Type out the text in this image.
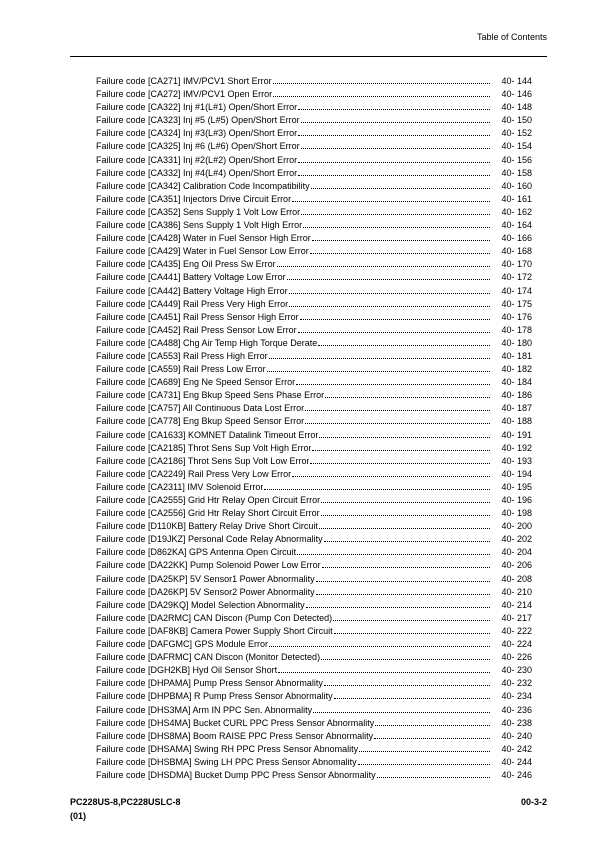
Table of Contents
Failure code [CA271] IMV/PCV1 Short Error	40- 144
Failure code [CA272] IMV/PCV1 Open Error	40- 146
Failure code [CA322] Inj #1(L#1) Open/Short Error	40- 148
Failure code [CA323] Inj #5 (L#5) Open/Short Error	40- 150
Failure code [CA324] Inj #3(L#3) Open/Short Error	40- 152
Failure code [CA325] Inj #6 (L#6) Open/Short Error	40- 154
Failure code [CA331] Inj #2(L#2) Open/Short Error	40- 156
Failure code [CA332] Inj #4(L#4) Open/Short Error	40- 158
Failure code [CA342] Calibration Code Incompatibility	40- 160
Failure code [CA351] Injectors Drive Circuit Error	40- 161
Failure code [CA352] Sens Supply 1 Volt Low Error	40- 162
Failure code [CA386] Sens Supply 1 Volt High Error	40- 164
Failure code [CA428] Water in Fuel Sensor High Error	40- 166
Failure code [CA429] Water in Fuel Sensor Low Error	40- 168
Failure code [CA435] Eng Oil Press Sw Error	40- 170
Failure code [CA441] Battery Voltage Low Error	40- 172
Failure code [CA442] Battery Voltage High Error	40- 174
Failure code [CA449] Rail Press Very High Error	40- 175
Failure code [CA451] Rail Press Sensor High Error	40- 176
Failure code [CA452] Rail Press Sensor Low Error	40- 178
Failure code [CA488] Chg Air Temp High Torque Derate	40- 180
Failure code [CA553] Rail Press High Error	40- 181
Failure code [CA559] Rail Press Low Error	40- 182
Failure code [CA689] Eng Ne Speed Sensor Error	40- 184
Failure code [CA731] Eng Bkup Speed Sens Phase Error	40- 186
Failure code [CA757] All Continuous Data Lost Error	40- 187
Failure code [CA778] Eng Bkup Speed Sensor Error	40- 188
Failure code [CA1633] KOMNET Datalink Timeout Error	40- 191
Failure code [CA2185] Throt Sens Sup Volt High Error	40- 192
Failure code [CA2186] Throt Sens Sup Volt Low Error	40- 193
Failure code [CA2249] Rail Press Very Low Error	40- 194
Failure code [CA2311] IMV Solenoid Error	40- 195
Failure code [CA2555] Grid Htr Relay Open Circuit Error	40- 196
Failure code [CA2556] Grid Htr Relay Short Circuit Error	40- 198
Failure code [D110KB] Battery Relay Drive Short Circuit	40- 200
Failure code [D19JKZ] Personal Code Relay Abnormality	40- 202
Failure code [D862KA] GPS Antenna Open Circuit	40- 204
Failure code [DA22KK] Pump Solenoid Power Low Error	40- 206
Failure code [DA25KP] 5V Sensor1 Power Abnormality	40- 208
Failure code [DA26KP] 5V Sensor2 Power Abnormality	40- 210
Failure code [DA29KQ] Model Selection Abnormality	40- 214
Failure code [DA2RMC] CAN Discon (Pump Con Detected)	40- 217
Failure code [DAF8KB] Camera Power Supply Short Circuit	40- 222
Failure code [DAFGMC] GPS Module Error	40- 224
Failure code [DAFRMC] CAN Discon (Monitor Detected)	40- 226
Failure code [DGH2KB] Hyd Oil Sensor Short	40- 230
Failure code [DHPAMA] Pump Press Sensor Abnormality	40- 232
Failure code [DHPBMA] R Pump Press Sensor Abnormality	40- 234
Failure code [DHS3MA] Arm IN PPC Sen. Abnormality	40- 236
Failure code [DHS4MA] Bucket CURL PPC Press Sensor Abnormality	40- 238
Failure code [DHS8MA] Boom RAISE PPC Press Sensor Abnormality	40- 240
Failure code [DHSAMA] Swing RH PPC Press Sensor Abnomality	40- 242
Failure code [DHSBMA] Swing LH PPC Press Sensor Abnomality	40- 244
Failure code [DHSDMA] Bucket Dump PPC Press Sensor Abnormality	40- 246
PC228US-8,PC228USLC-8
(01)
00-3-2
